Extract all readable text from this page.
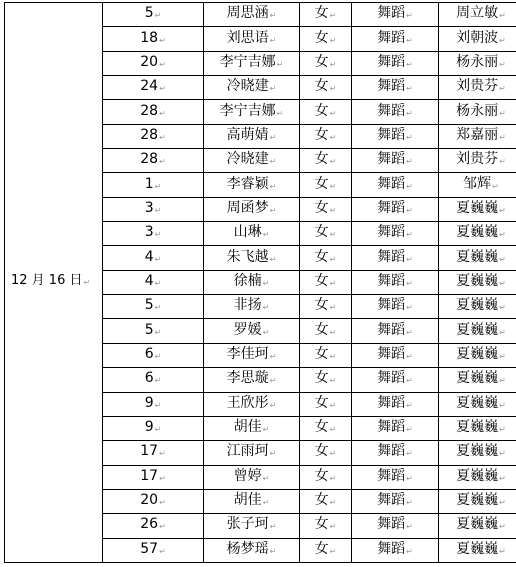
12 月 16 日↵	5↵	周思涵↵	女↵	舞蹈↵	周立敏↵	
	18↵	刘思语↵	女↵	舞蹈↵	刘朝波↵	
	20↵	李宁吉娜↵	女↵	舞蹈↵	杨永丽↵	
	24↵	冷晓建↵	女↵	舞蹈↵	刘贵芬↵	
	28↵	李宁吉娜↵	女↵	舞蹈↵	杨永丽↵	
	28↵	高萌婧↵	女↵	舞蹈↵	郑嘉丽↵	
	28↵	冷晓建↵	女↵	舞蹈↵	刘贵芬↵	
	1↵	李睿颖↵	女↵	舞蹈↵	邹辉↵	
	3↵	周函梦↵	女↵	舞蹈↵	夏巍巍↵	
	3↵	山琳↵	女↵	舞蹈↵	夏巍巍↵	
	4↵	朱飞越↵	女↵	舞蹈↵	夏巍巍↵	
	4↵	徐楠↵	女↵	舞蹈↵	夏巍巍↵	
	5↵	非扬↵	女↵	舞蹈↵	夏巍巍↵	
	5↵	罗媛↵	女↵	舞蹈↵	夏巍巍↵	
	6↵	李佳珂↵	女↵	舞蹈↵	夏巍巍↵	
	6↵	李思璇↵	女↵	舞蹈↵	夏巍巍↵	
	9↵	王欣彤↵	女↵	舞蹈↵	夏巍巍↵	
	9↵	胡佳↵	女↵	舞蹈↵	夏巍巍↵	
	17↵	江雨珂↵	女↵	舞蹈↵	夏巍巍↵	
	17↵	曾婷↵	女↵	舞蹈↵	夏巍巍↵	
	20↵	胡佳↵	女↵	舞蹈↵	夏巍巍↵	
	26↵	张子珂↵	女↵	舞蹈↵	夏巍巍↵	
	57↵	杨梦瑶↵	女↵	舞蹈↵	夏巍巍↵	
